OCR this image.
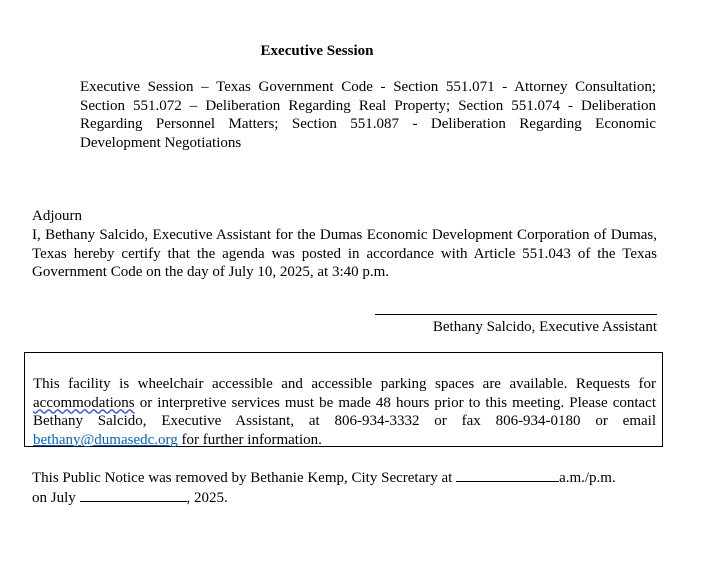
Executive Session
Executive Session – Texas Government Code - Section 551.071 - Attorney Consultation; Section 551.072 – Deliberation Regarding Real Property; Section 551.074 - Deliberation Regarding Personnel Matters; Section 551.087 - Deliberation Regarding Economic Development Negotiations
Adjourn
I, Bethany Salcido, Executive Assistant for the Dumas Economic Development Corporation of Dumas, Texas hereby certify that the agenda was posted in accordance with Article 551.043 of the Texas Government Code on the day of July 10, 2025, at 3:40 p.m.
Bethany Salcido, Executive Assistant
This facility is wheelchair accessible and accessible parking spaces are available. Requests for accommodations or interpretive services must be made 48 hours prior to this meeting. Please contact Bethany Salcido, Executive Assistant, at 806-934-3332 or fax 806-934-0180 or email bethany@dumasedc.org for further information.
This Public Notice was removed by Bethanie Kemp, City Secretary at	a.m./p.m.
on July	, 2025.
